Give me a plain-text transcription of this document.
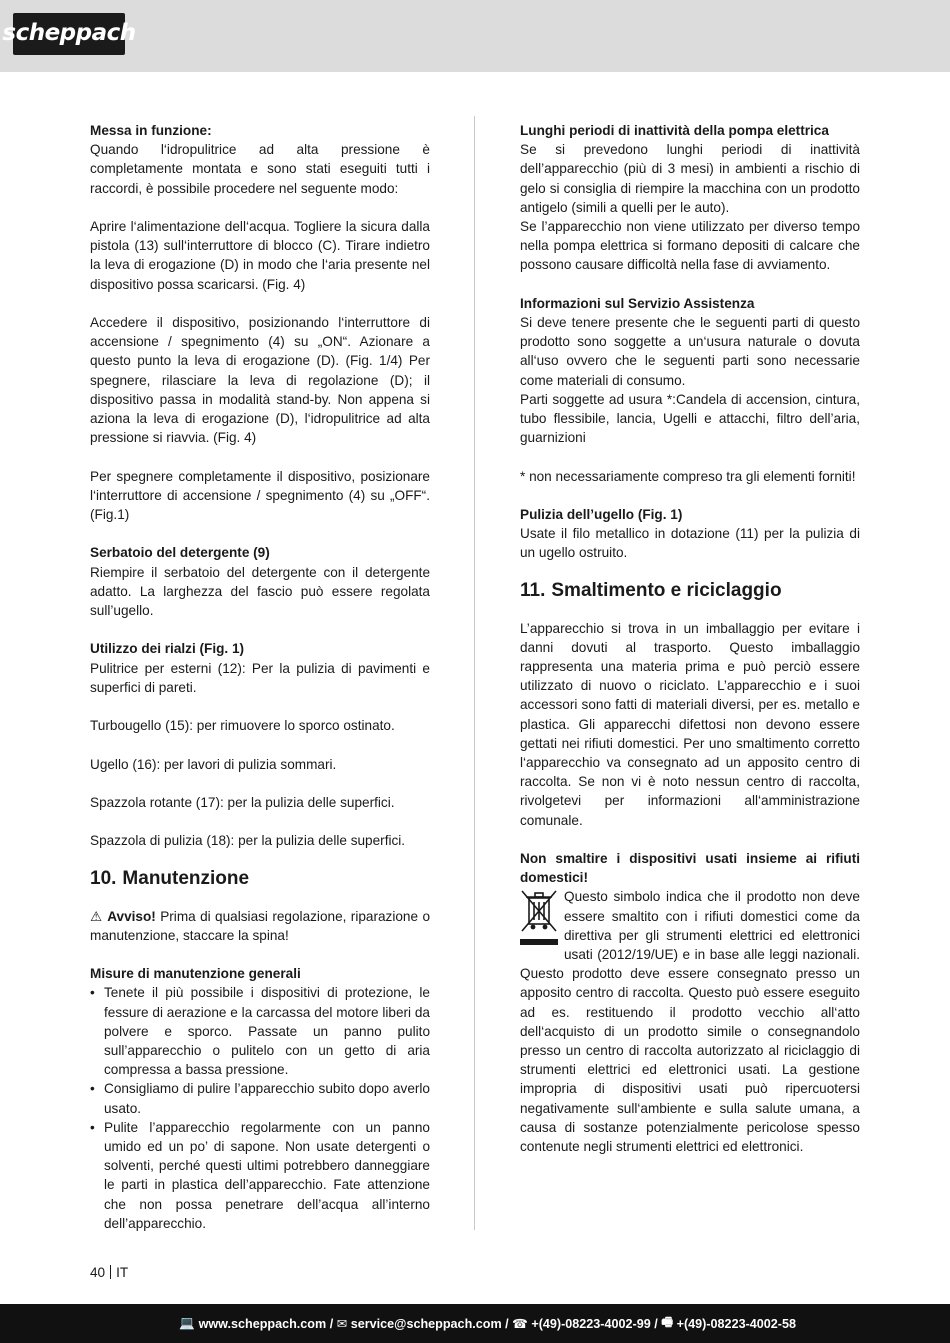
scheppach
Messa in funzione:
Quando l‘idropulitrice ad alta pressione è completamente montata e sono stati eseguiti tutti i raccordi, è possibile procedere nel seguente modo:
Aprire l‘alimentazione dell‘acqua. Togliere la sicura dalla pistola (13) sull‘interruttore di blocco (C). Tirare indietro la leva di erogazione (D) in modo che l‘aria presente nel dispositivo possa scaricarsi. (Fig. 4)
Accedere il dispositivo, posizionando l‘interruttore di accensione / spegnimento (4) su „ON“. Azionare a questo punto la leva di erogazione (D). (Fig. 1/4) Per spegnere, rilasciare la leva di regolazione (D); il dispositivo passa in modalità stand-by. Non appena si aziona la leva di erogazione (D), l‘idropulitrice ad alta pressione si riavvia. (Fig. 4)
Per spegnere completamente il dispositivo, posizionare l‘interruttore di accensione / spegnimento (4) su „OFF“. (Fig.1)
Serbatoio del detergente (9)
Riempire il serbatoio del detergente con il detergente adatto. La larghezza del fascio può essere regolata sull’ugello.
Utilizzo dei rialzi (Fig. 1)
Pulitrice per esterni (12): Per la pulizia di pavimenti e superfici di pareti.
Turbougello (15): per rimuovere lo sporco ostinato.
Ugello (16): per lavori di pulizia sommari.
Spazzola rotante (17): per la pulizia delle superfici.
Spazzola di pulizia (18): per la pulizia delle superfici.
10. Manutenzione
⚠ Avviso! Prima di qualsiasi regolazione, riparazione o manutenzione, staccare la spina!
Misure di manutenzione generali
• Tenete il più possibile i dispositivi di protezione, le fessure di aerazione e la carcassa del motore liberi da polvere e sporco. Passate un panno pulito sull’apparecchio o pulitelo con un getto di aria compressa a bassa pressione.
• Consigliamo di pulire l’apparecchio subito dopo averlo usato.
• Pulite l’apparecchio regolarmente con un panno umido ed un po’ di sapone. Non usate detergenti o solventi, perché questi ultimi potrebbero danneggiare le parti in plastica dell’apparecchio. Fate attenzione che non possa penetrare dell’acqua all’interno dell’apparecchio.
Lunghi periodi di inattività della pompa elettrica
Se si prevedono lunghi periodi di inattività dell’apparecchio (più di 3 mesi) in ambienti a rischio di gelo si consiglia di riempire la macchina con un prodotto antigelo (simili a quelli per le auto).
Se l’apparecchio non viene utilizzato per diverso tempo nella pompa elettrica si formano depositi di calcare che possono causare difficoltà nella fase di avviamento.
Informazioni sul Servizio Assistenza
Si deve tenere presente che le seguenti parti di questo prodotto sono soggette a un‘usura naturale o dovuta all‘uso ovvero che le seguenti parti sono necessarie come materiali di consumo.
Parti soggette ad usura *:Candela di accension, cintura, tubo flessibile, lancia, Ugelli e attacchi, filtro dell’aria, guarnizioni
* non necessariamente compreso tra gli elementi forniti!
Pulizia dell’ugello (Fig. 1)
Usate il filo metallico in dotazione (11) per la pulizia di un ugello ostruito.
11. Smaltimento e riciclaggio
L’apparecchio si trova in un imballaggio per evitare i danni dovuti al trasporto. Questo imballaggio rappresenta una materia prima e può perciò essere utilizzato di nuovo o riciclato. L’apparecchio e i suoi accessori sono fatti di materiali diversi, per es. metallo e plastica. Gli apparecchi difettosi non devono essere gettati nei rifiuti domestici. Per uno smaltimento corretto l‘apparecchio va consegnato ad un apposito centro di raccolta. Se non vi è noto nessun centro di raccolta, rivolgetevi per informazioni all‘amministrazione comunale.
Non smaltire i dispositivi usati insieme ai rifiuti domestici!
Questo simbolo indica che il prodotto non deve essere smaltito con i rifiuti domestici come da direttiva per gli strumenti elettrici ed elettronici usati (2012/19/UE) e in base alle leggi nazionali. Questo prodotto deve essere consegnato presso un apposito centro di raccolta. Questo può essere eseguito ad es. restituendo il prodotto vecchio all‘atto dell‘acquisto di un prodotto simile o consegnandolo presso un centro di raccolta autorizzato al riciclaggio di strumenti elettrici ed elettronici usati. La gestione impropria di dispositivi usati può ripercuotersi negativamente sull‘ambiente e sulla salute umana, a causa di sostanze potenzialmente pericolose spesso contenute negli strumenti elettrici ed elettronici.
40 IT
💻 www.scheppach.com / ✉ service@scheppach.com / ☎ +(49)-08223-4002-99 / 🖷 +(49)-08223-4002-58
